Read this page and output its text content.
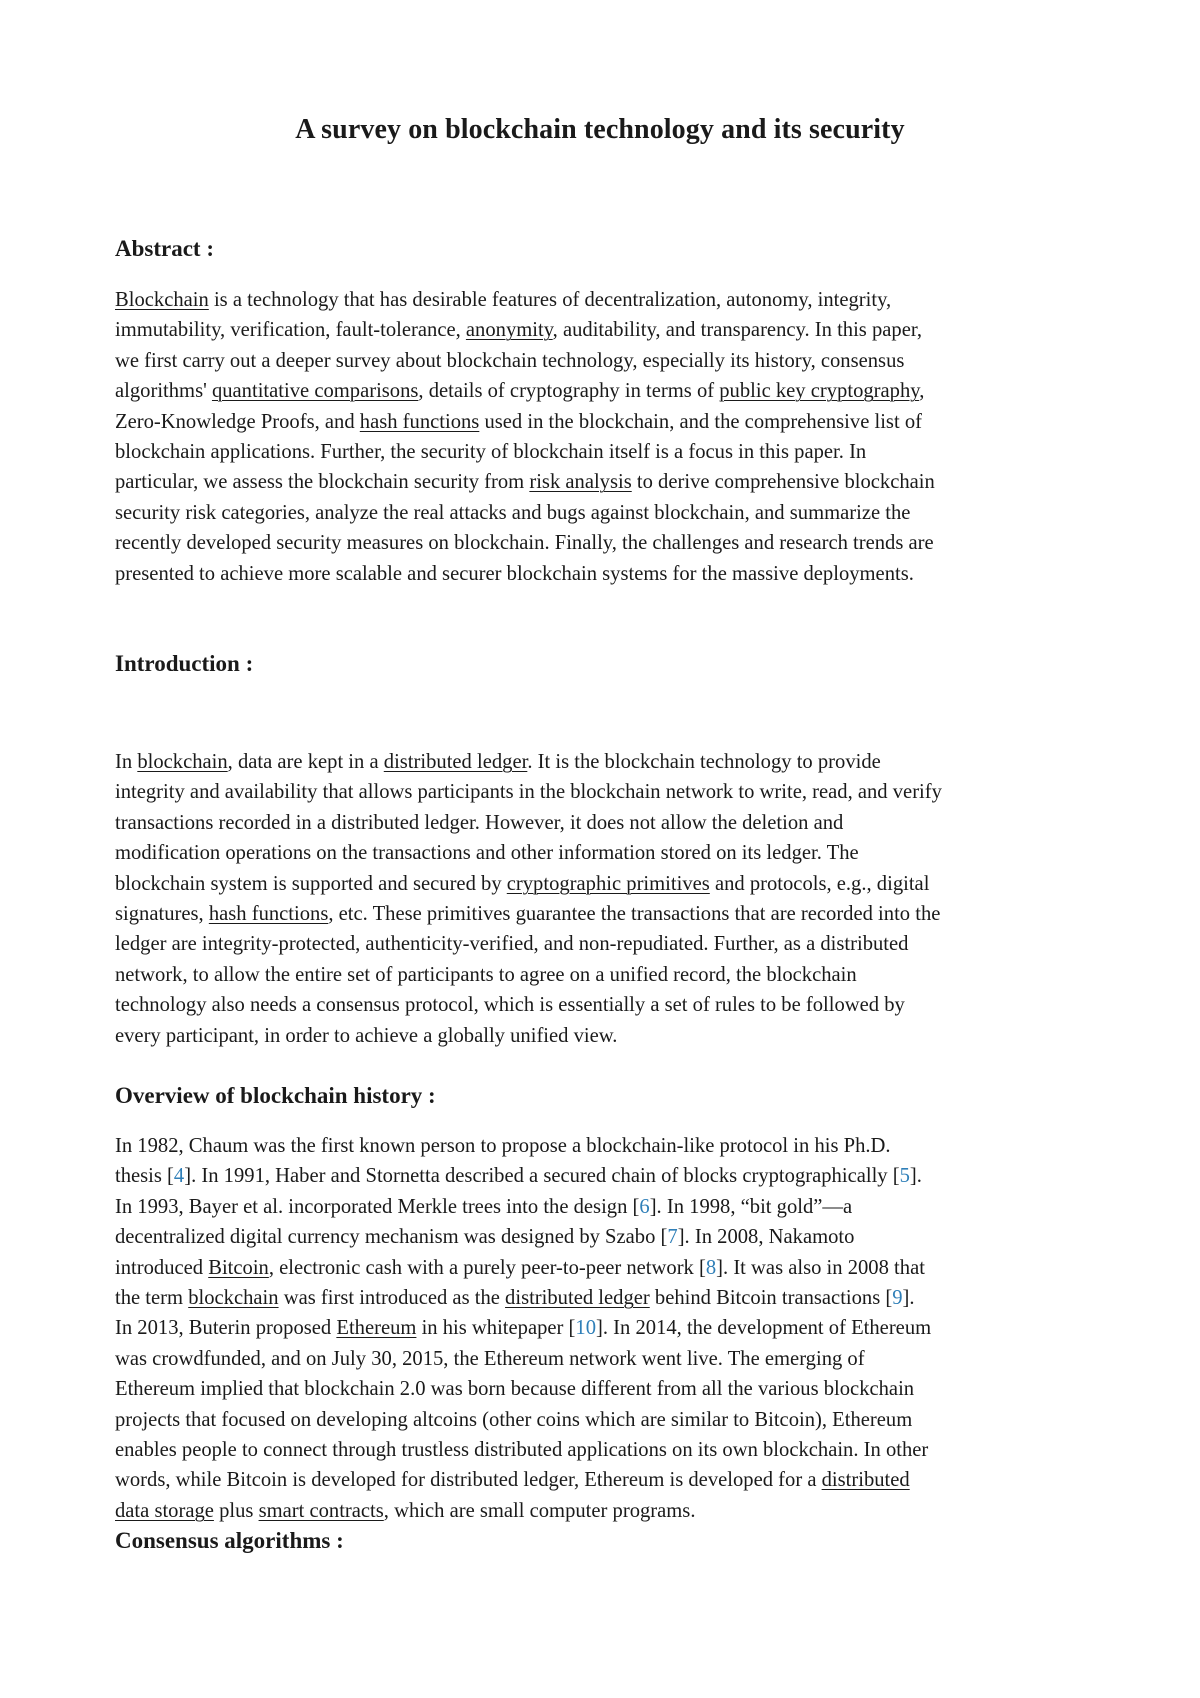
A survey on blockchain technology and its security
Abstract :
Blockchain is a technology that has desirable features of decentralization, autonomy, integrity,
immutability, verification, fault-tolerance, anonymity, auditability, and transparency. In this paper,
we first carry out a deeper survey about blockchain technology, especially its history, consensus
algorithms' quantitative comparisons, details of cryptography in terms of public key cryptography,
Zero-Knowledge Proofs, and hash functions used in the blockchain, and the comprehensive list of
blockchain applications. Further, the security of blockchain itself is a focus in this paper. In
particular, we assess the blockchain security from risk analysis to derive comprehensive blockchain
security risk categories, analyze the real attacks and bugs against blockchain, and summarize the
recently developed security measures on blockchain. Finally, the challenges and research trends are
presented to achieve more scalable and securer blockchain systems for the massive deployments.
Introduction :
In blockchain, data are kept in a distributed ledger. It is the blockchain technology to provide
integrity and availability that allows participants in the blockchain network to write, read, and verify
transactions recorded in a distributed ledger. However, it does not allow the deletion and
modification operations on the transactions and other information stored on its ledger. The
blockchain system is supported and secured by cryptographic primitives and protocols, e.g., digital
signatures, hash functions, etc. These primitives guarantee the transactions that are recorded into the
ledger are integrity-protected, authenticity-verified, and non-repudiated. Further, as a distributed
network, to allow the entire set of participants to agree on a unified record, the blockchain
technology also needs a consensus protocol, which is essentially a set of rules to be followed by
every participant, in order to achieve a globally unified view.
Overview of blockchain history :
In 1982, Chaum was the first known person to propose a blockchain-like protocol in his Ph.D.
thesis [4]. In 1991, Haber and Stornetta described a secured chain of blocks cryptographically [5].
In 1993, Bayer et al. incorporated Merkle trees into the design [6]. In 1998, “bit gold”—a
decentralized digital currency mechanism was designed by Szabo [7]. In 2008, Nakamoto
introduced Bitcoin, electronic cash with a purely peer-to-peer network [8]. It was also in 2008 that
the term blockchain was first introduced as the distributed ledger behind Bitcoin transactions [9].
In 2013, Buterin proposed Ethereum in his whitepaper [10]. In 2014, the development of Ethereum
was crowdfunded, and on July 30, 2015, the Ethereum network went live. The emerging of
Ethereum implied that blockchain 2.0 was born because different from all the various blockchain
projects that focused on developing altcoins (other coins which are similar to Bitcoin), Ethereum
enables people to connect through trustless distributed applications on its own blockchain. In other
words, while Bitcoin is developed for distributed ledger, Ethereum is developed for a distributed
data storage plus smart contracts, which are small computer programs.
Consensus algorithms :
